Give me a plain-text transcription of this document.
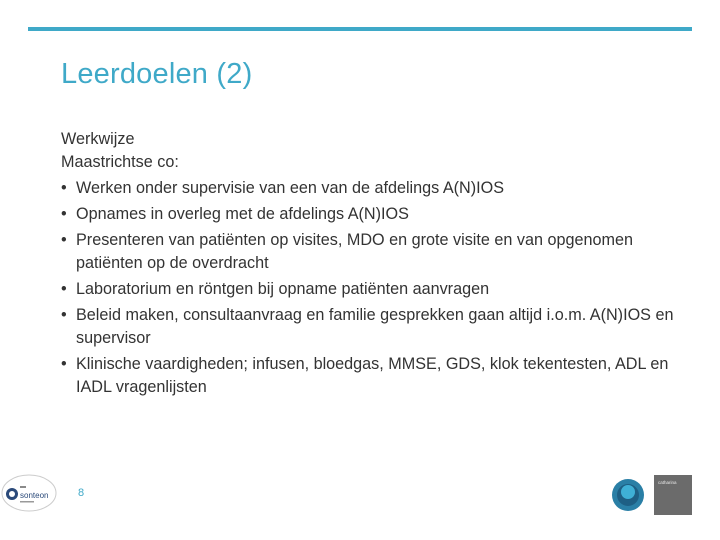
Leerdoelen (2)
Werkwijze
Maastrichtse co:
• Werken onder supervisie van een van de afdelings A(N)IOS
• Opnames in overleg met de afdelings A(N)IOS
• Presenteren van patiënten op visites, MDO en grote visite en van opgenomen patiënten op de overdracht
• Laboratorium en röntgen bij opname patiënten aanvragen
• Beleid maken, consultaanvraag en familie gesprekken gaan altijd i.o.m. A(N)IOS en supervisor
• Klinische vaardigheden; infusen, bloedgas, MMSE, GDS, klok tekentesten, ADL en IADL vragenlijsten
8
sonteon
catharina
